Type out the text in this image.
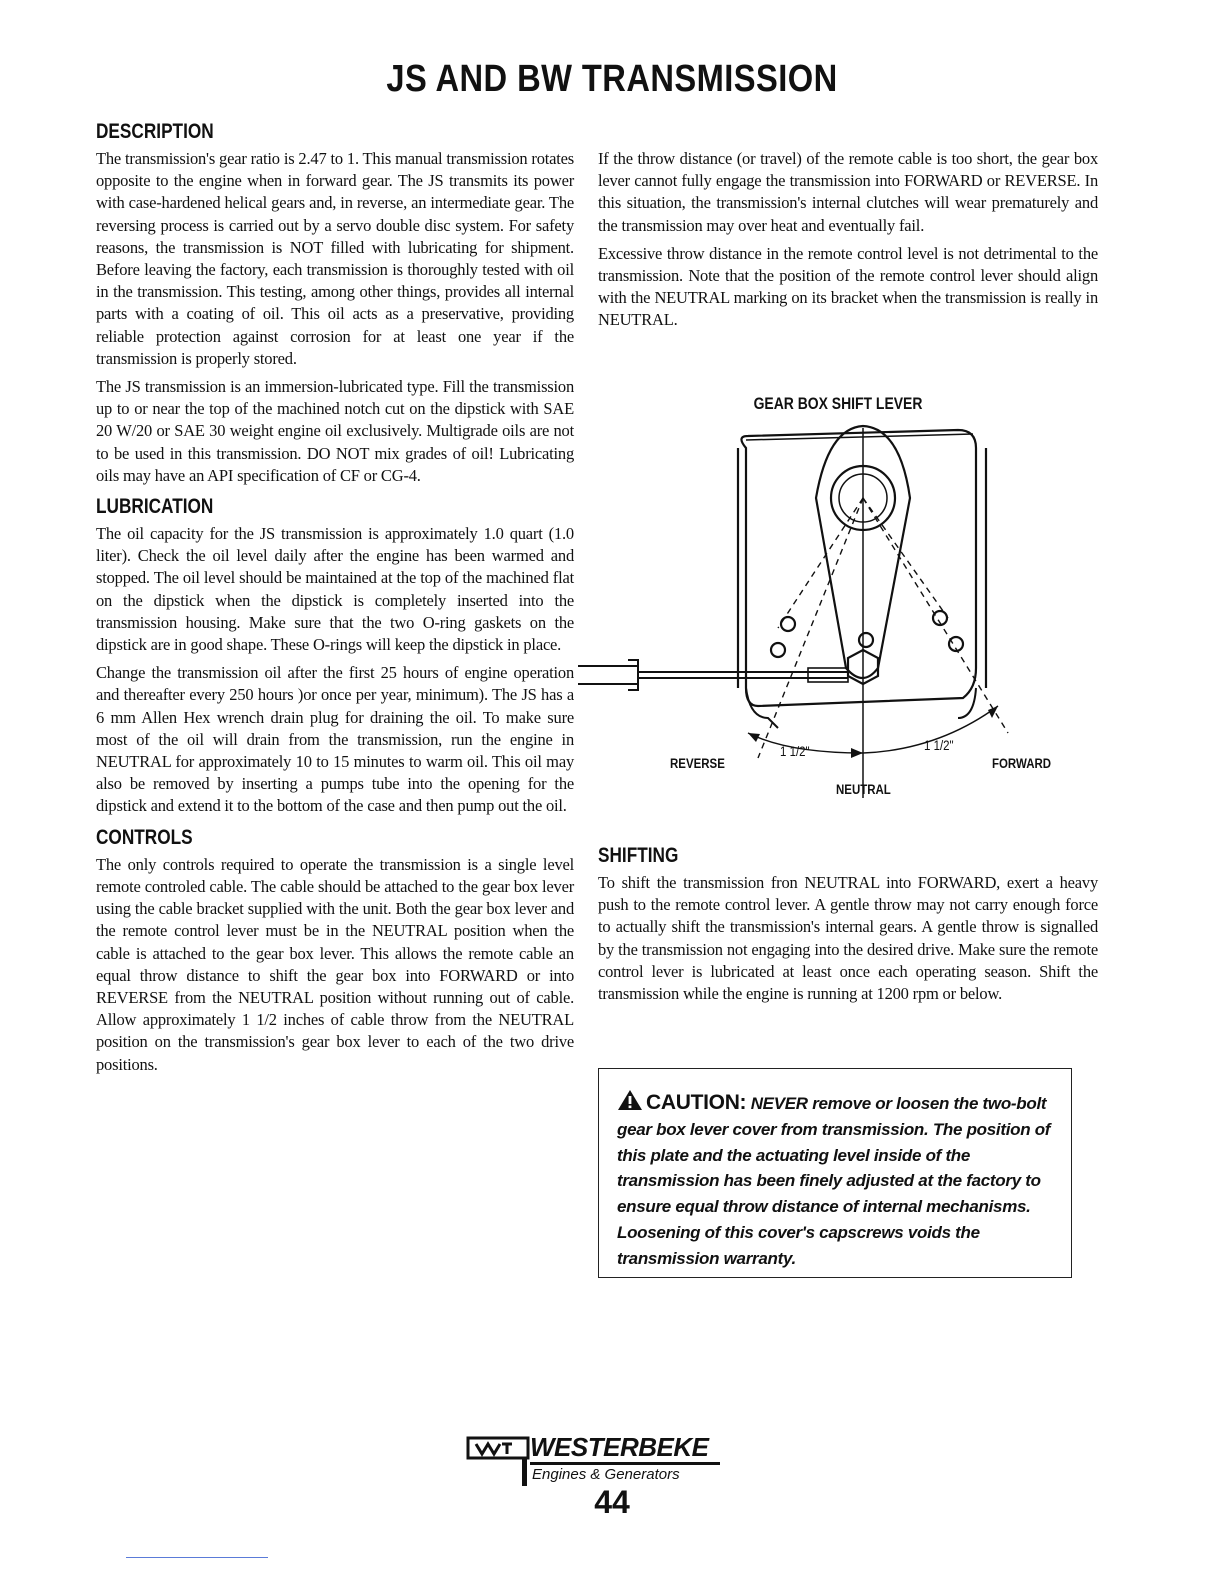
JS AND BW TRANSMISSION
DESCRIPTION

The transmission's gear ratio is 2.47 to 1. This manual transmission rotates opposite to the engine when in forward gear. The JS transmits its power with case-hardened helical gears and, in reverse, an intermediate gear. The reversing process is carried out by a servo double disc system. For safety reasons, the transmission is NOT filled with lubricating for shipment. Before leaving the factory, each transmission is thoroughly tested with oil in the transmission. This testing, among other things, provides all internal parts with a coating of oil. This oil acts as a preservative, providing reliable protection against corrosion for at least one year if the transmission is properly stored.

The JS transmission is an immersion-lubricated type. Fill the transmission up to or near the top of the machined notch cut on the dipstick with SAE 20 W/20 or SAE 30 weight engine oil exclusively. Multigrade oils are not to be used in this transmission. DO NOT mix grades of oil! Lubricating oils may have an API specification of CF or CG-4.

LUBRICATION

The oil capacity for the JS transmission is approximately 1.0 quart (1.0 liter). Check the oil level daily after the engine has been warmed and stopped. The oil level should be maintained at the top of the machined flat on the dipstick when the dipstick is completely inserted into the transmission housing. Make sure that the two O-ring gaskets on the dipstick are in good shape. These O-rings will keep the dipstick in place.

Change the transmission oil after the first 25 hours of engine operation and thereafter every 250 hours )or once per year, minimum). The JS has a 6 mm Allen Hex wrench drain plug for draining the oil. To make sure most of the oil will drain from the transmission, run the engine in NEUTRAL for approximately 10 to 15 minutes to warm oil. This oil may also be removed by inserting a pumps tube into the opening for the dipstick and extend it to the bottom of the case and then pump out the oil.

CONTROLS

The only controls required to operate the transmission is a single level remote controled cable. The cable should be attached to the gear box lever using the cable bracket supplied with the unit. Both the gear box lever and the remote control lever must be in the NEUTRAL position when the cable is attached to the gear box lever. This allows the remote cable an equal throw distance to shift the gear box into FORWARD or into REVERSE from the NEUTRAL position without running out of cable. Allow approximately 1 1/2 inches of cable throw from the NEUTRAL position on the transmission's gear box lever to each of the two drive positions.

If the throw distance (or travel) of the remote cable is too short, the gear box lever cannot fully engage the transmission into FORWARD or REVERSE. In this situation, the transmission's internal clutches will wear prematurely and the transmission may over heat and eventually fail.

Excessive throw distance in the remote control level is not detrimental to the transmission. Note that the position of the remote control lever should align with the NEUTRAL marking on its bracket when the transmission is really in NEUTRAL.

GEAR BOX SHIFT LEVER
REVERSE	FORWARD
NEUTRAL
1 1/2"	1 1/2"
SHIFTING

To shift the transmission fron NEUTRAL into FORWARD, exert a heavy push to the remote control lever. A gentle throw may not carry enough force to actually shift the transmission's internal gears. A gentle throw is signalled by the transmission not engaging into the desired drive. Make sure the remote control lever is lubricated at least once each operating season. Shift the transmission while the engine is running at 1200 rpm or below.

CAUTION: NEVER remove or loosen the two-bolt gear box lever cover from transmission. The position of this plate and the actuating level inside of the transmission has been finely adjusted at the factory to ensure equal throw distance of internal mechanisms. Loosening of this cover's capscrews voids the transmission warranty.
WESTERBEKE
Engines & Generators
44
